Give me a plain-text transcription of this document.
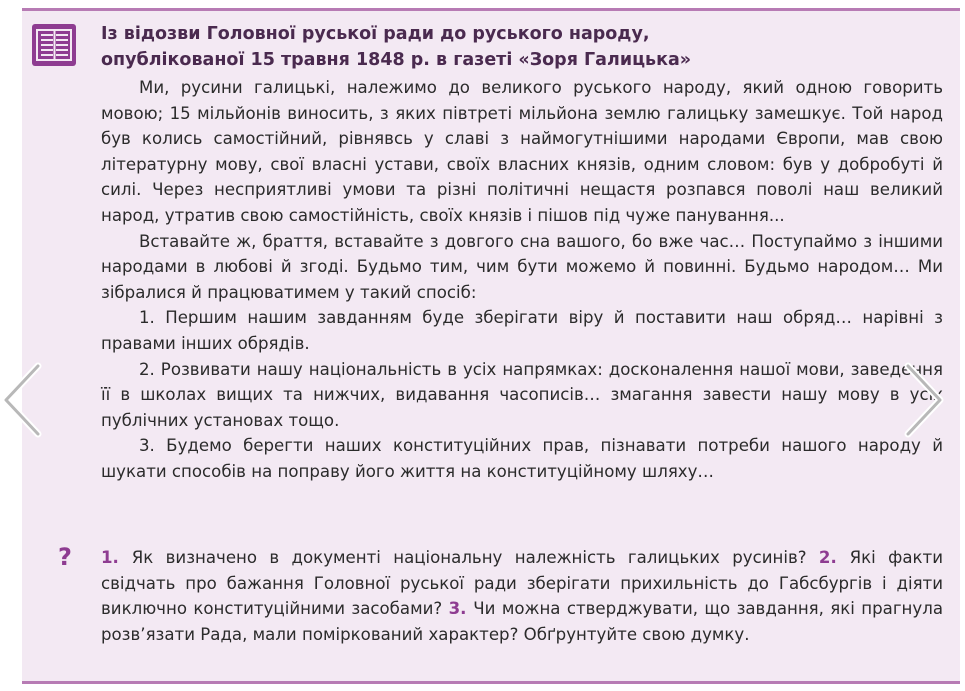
Із відозви Головної руської ради до руського народу,
опублікованої 15 травня 1848 р. в газеті «Зоря Галицька»

Ми, русини галицькі, належимо до великого руського народу, який одною говорить мовою; 15 мільйонів виносить, з яких півтреті мільйона землю галицьку замешкує. Той народ був колись самостійний, рівнявсь у славі з наймогутнішими народами Європи, мав свою літературну мову, свої власні устави, своїх власних князів, одним словом: був у добробуті й силі. Через несприятливі умови та різні політичні нещастя розпався поволі наш великий народ, утратив свою самостійність, своїх князів і пішов під чуже панування...

Вставайте ж, браття, вставайте з довгого сна вашого, бо вже час… Поступаймо з іншими народами в любові й згоді. Будьмо тим, чим бути можемо й повинні. Будьмо народом… Ми зібралися й працюватимем у такий спосіб:

1. Першим нашим завданням буде зберігати віру й поставити наш обряд… нарівні з правами інших обрядів.

2. Розвивати нашу національність в усіх напрямках: досконалення нашої мови, заведення її в школах вищих та нижчих, видавання часописів… змагання завести нашу мову в усіх публічних установах тощо.

3. Будемо берегти наших конституційних прав, пізнавати потреби нашого народу й шукати способів на поправу його життя на конституційному шляху…

? 1. Як визначено в документі національну належність галицьких русинів? 2. Які факти свідчать про бажання Головної руської ради зберігати прихильність до Габсбургів і діяти виключно конституційними засобами? 3. Чи можна стверджувати, що завдання, які прагнула розв’язати Рада, мали поміркований характер? Обґрунтуйте свою думку.
